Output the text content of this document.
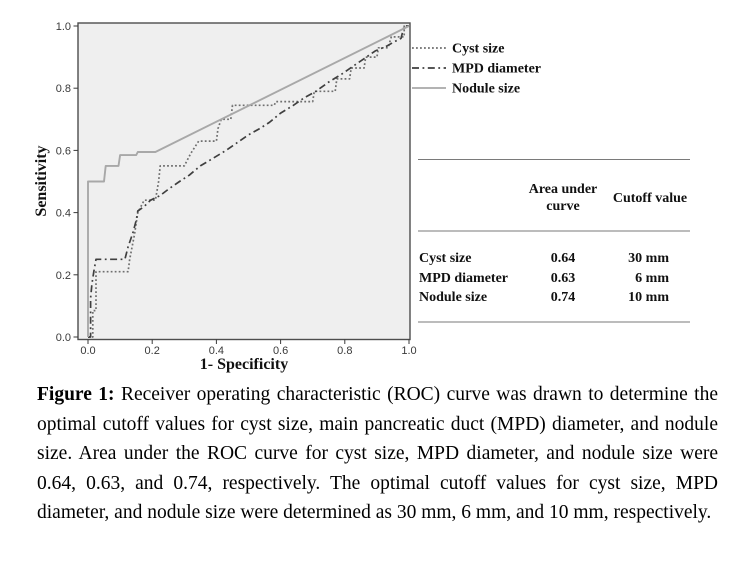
0.0	0.2	0.4	0.6	0.8	1.0
0.0
0.2
0.4
0.6
0.8
1.0
1- Specificity
Sensitivity
Cyst size
MPD diameter
Nodule size
Area under
curve
Cutoff value
Cyst size	0.64	30 mm
MPD diameter	0.63	6 mm
Nodule size	0.74	10 mm

Figure 1: Receiver operating characteristic (ROC) curve was drawn to determine the optimal cutoff values for cyst size, main pancreatic duct (MPD) diameter, and nodule size. Area under the ROC curve for cyst size, MPD diameter, and nodule size were 0.64, 0.63, and 0.74, respectively. The optimal cutoff values for cyst size, MPD diameter, and nodule size were determined as 30 mm, 6 mm, and 10 mm, respectively.
